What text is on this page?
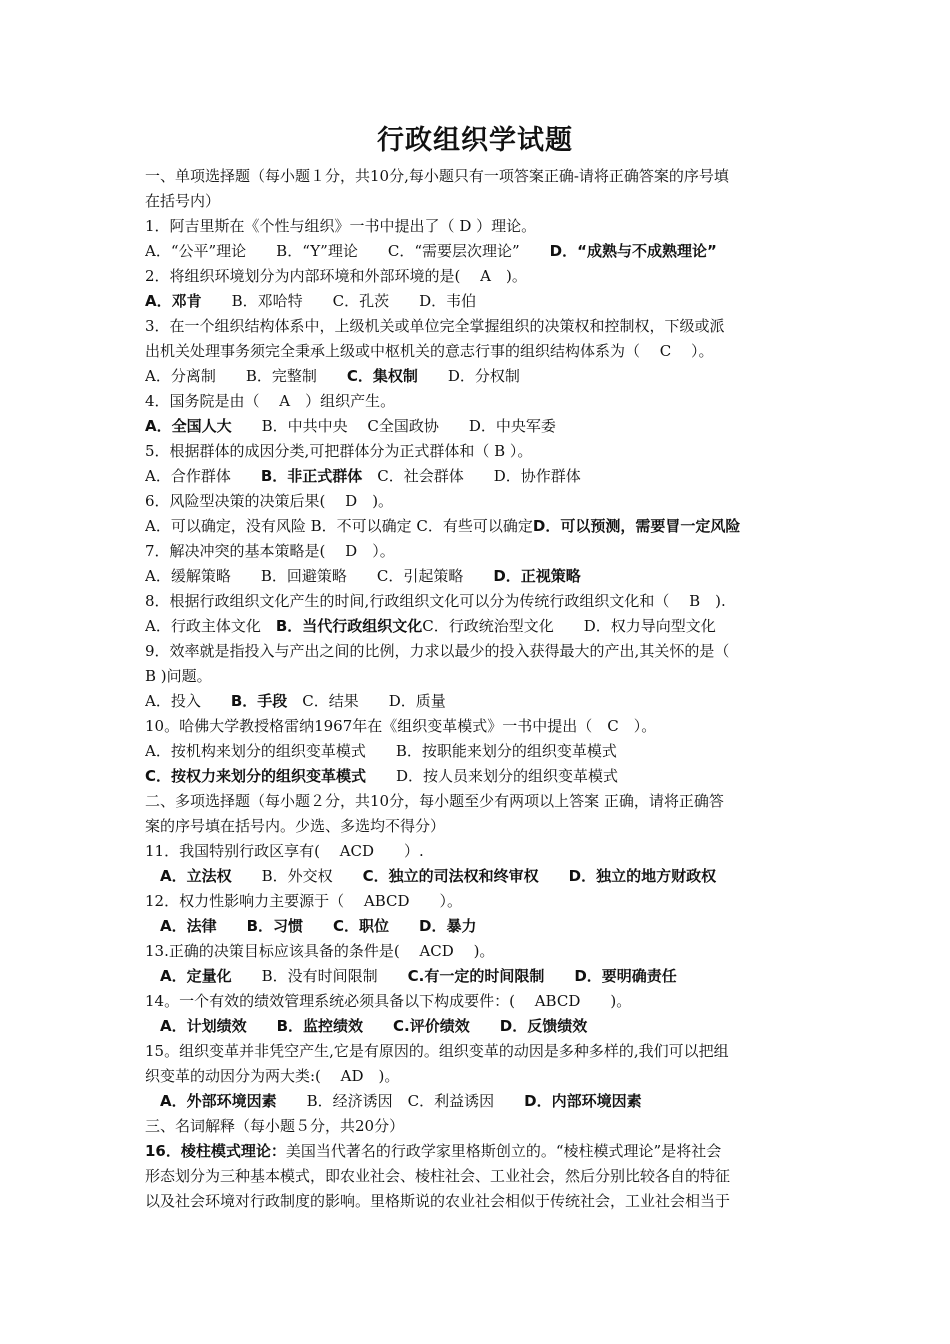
行政组织学试题
一、单项选择题（每小题１分，共10分,每小题只有一项答案正确-请将正确答案的序号填
在括号内）
1．阿吉里斯在《个性与组织》一书中提出了（ D ）理论。
A．“公平”理论　　B．“Y”理论　　C．“需要层次理论”　　D．“成熟与不成熟理论”
2．将组织环境划分为内部环境和外部环境的是(　 A　)。
A．邓肯　　B．邓哈特　　C．孔茨　　D．韦伯
3．在一个组织结构体系中，上级机关或单位完全掌握组织的决策权和控制权，下级或派
出机关处理事务须完全秉承上级或中枢机关的意志行事的组织结构体系为（　 C　 ）。
A．分离制　　B．完整制　　C．集权制　　D．分权制
4．国务院是由（　 A　）组织产生。
A．全国人大　　B．中共中央　 C全国政协　　D．中央军委
5．根据群体的成因分类,可把群体分为正式群体和（ B ）。
A．合作群体　　B．非正式群体　C．社会群体　　D．协作群体
6．风险型决策的决策后果(　 D　)。
A．可以确定，没有风险 B．不可以确定 C．有些可以确定D．可以预测，需要冒一定风险
7．解决冲突的基本策略是(　 D　）。
A．缓解策略　　B．回避策略　　C．引起策略　　D．正视策略
8．根据行政组织文化产生的时间,行政组织文化可以分为传统行政组织文化和（　 B　).
A．行政主体文化　B．当代行政组织文化C．行政统治型文化　　D．权力导向型文化
9．效率就是指投入与产出之间的比例，力求以最少的投入获得最大的产出,其关怀的是（
B )问题。
A．投入　　B．手段　C．结果　　D．质量
10。哈佛大学教授格雷纳1967年在《组织变革模式》一书中提出（　C　）。
A．按机构来划分的组织变革模式　　B．按职能来划分的组织变革模式
C．按权力来划分的组织变革模式　　D．按人员来划分的组织变革模式
二、多项选择题（每小题２分，共10分，每小题至少有两项以上答案 正确，请将正确答
案的序号填在括号内。少选、多选均不得分）
11．我国特别行政区享有(　 ACD　　）.
A．立法权　　B．外交权　　C．独立的司法权和终审权　　 D．独立的地方财政权
12．权力性影响力主要源于（　 ABCD　　）。
A．法律　　B．习惯　　C．职位　　D．暴力
13.正确的决策目标应该具备的条件是(　 ACD　 )。
A．定量化　　B．没有时间限制　　C.有一定的时间限制　　D．要明确责任
14。一个有效的绩效管理系统必须具备以下构成要件：(　 ABCD　　)。
A．计划绩效　　B．监控绩效　　C.评价绩效　　D．反馈绩效
15。组织变革并非凭空产生,它是有原因的。组织变革的动因是多种多样的,我们可以把组
织变革的动因分为两大类:(　 AD　)。
A．外部环境因素　　B．经济诱因　C．利益诱因　　D．内部环境因素
三、名词解释（每小题５分，共20分）
16．棱柱模式理论：美国当代著名的行政学家里格斯创立的。“棱柱模式理论”是将社会
形态划分为三种基本模式，即农业社会、棱柱社会、工业社会，然后分别比较各自的特征
以及社会环境对行政制度的影响。里格斯说的农业社会相似于传统社会，工业社会相当于
